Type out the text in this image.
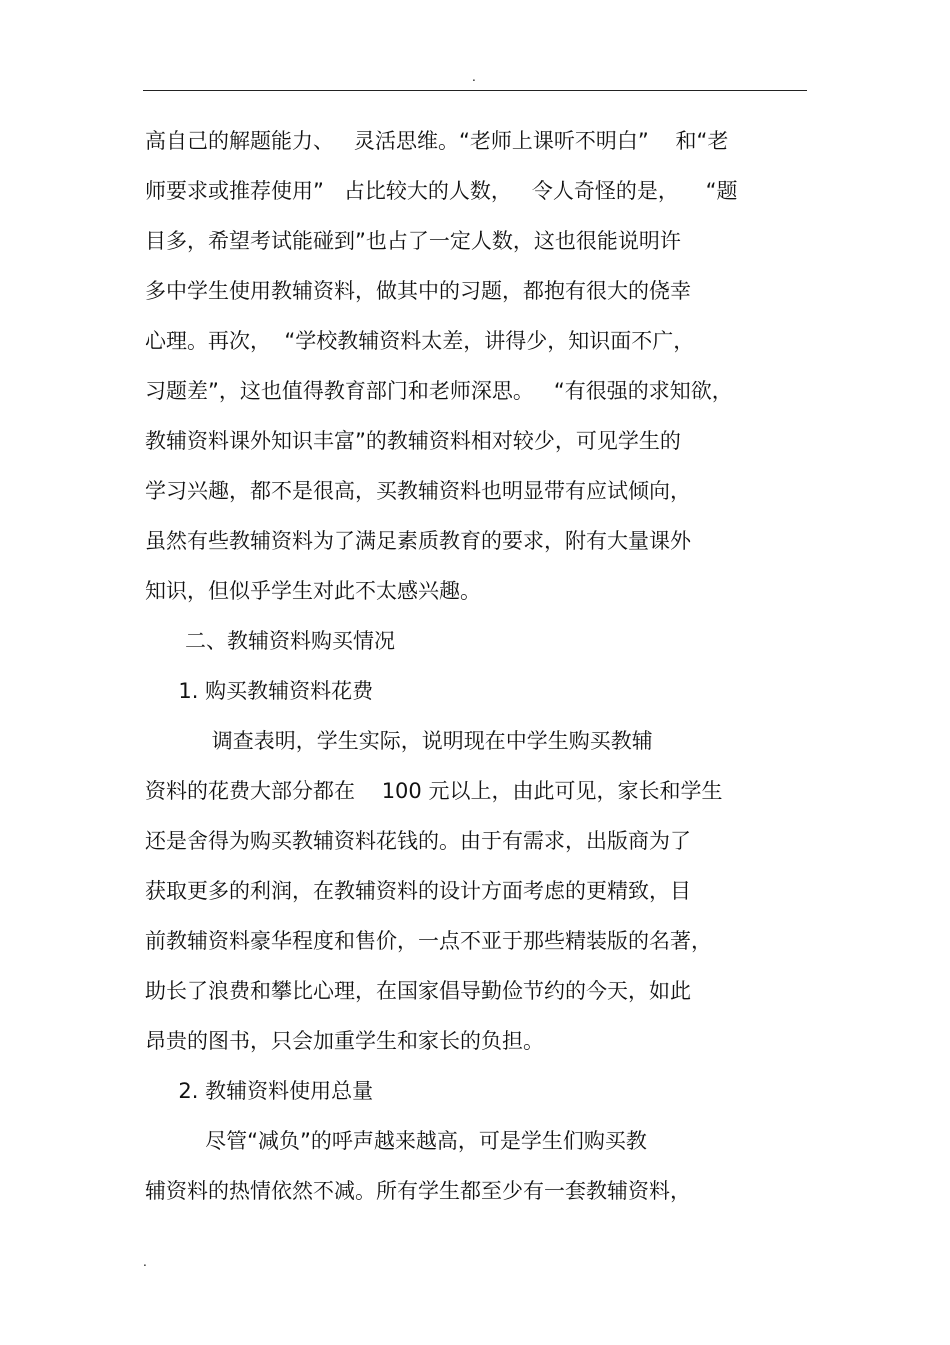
.
高自己的解题能力、   灵活思维。“老师上课听不明白”    和“老
师要求或推荐使用”   占比较大的人数，   令人奇怪的是，    “题
目多，希望考试能碰到”也占了一定人数，这也很能说明许
多中学生使用教辅资料，做其中的习题，都抱有很大的侥幸
心理。再次，  “学校教辅资料太差，讲得少，知识面不广，
习题差”，这也值得教育部门和老师深思。   “有很强的求知欲，
教辅资料课外知识丰富”的教辅资料相对较少，可见学生的
学习兴趣，都不是很高，买教辅资料也明显带有应试倾向，
虽然有些教辅资料为了满足素质教育的要求，附有大量课外
知识，但似乎学生对此不太感兴趣。
二、教辅资料购买情况
1. 购买教辅资料花费
调查表明，学生实际，说明现在中学生购买教辅
资料的花费大部分都在    100 元以上，由此可见，家长和学生
还是舍得为购买教辅资料花钱的。由于有需求，出版商为了
获取更多的利润，在教辅资料的设计方面考虑的更精致，目
前教辅资料豪华程度和售价，一点不亚于那些精装版的名著，
助长了浪费和攀比心理，在国家倡导勤俭节约的今天，如此
昂贵的图书，只会加重学生和家长的负担。
2. 教辅资料使用总量
尽管“减负”的呼声越来越高，可是学生们购买教
辅资料的热情依然不减。所有学生都至少有一套教辅资料，
.
